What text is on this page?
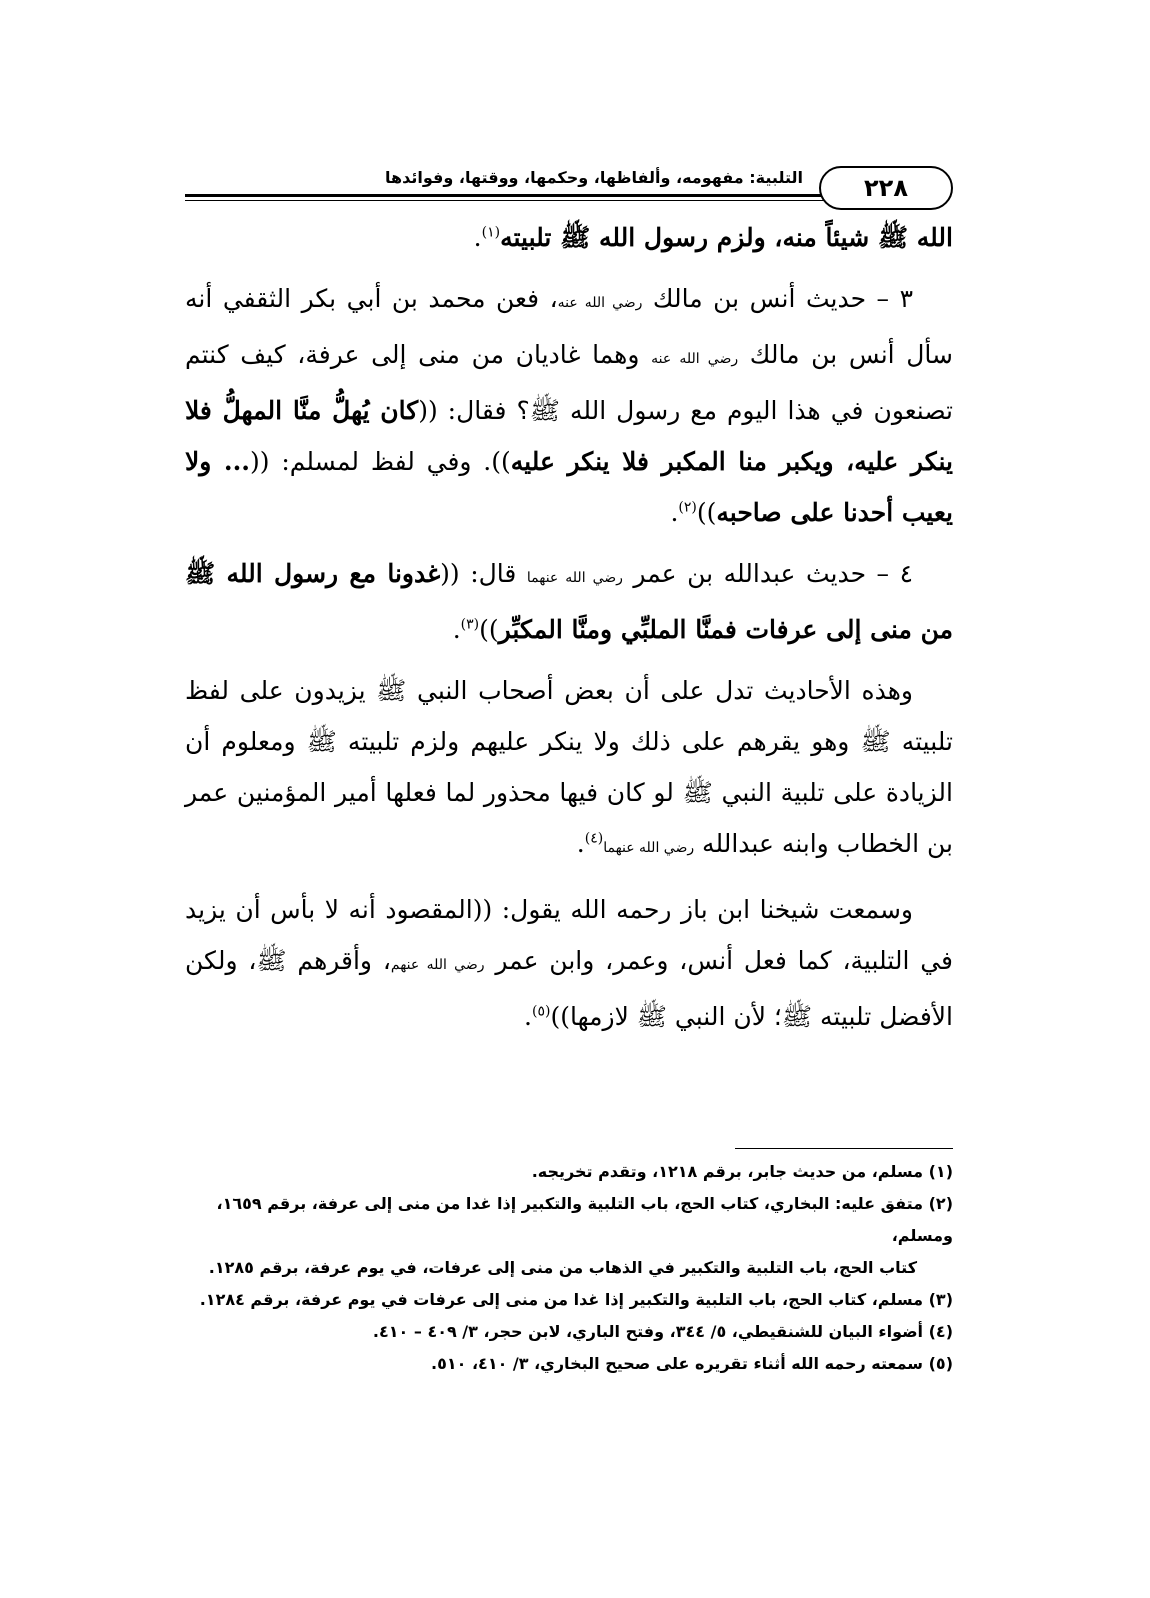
التلبية: مفهومه، وألفاظها، وحكمها، ووقتها، وفوائدها	٢٢٨

الله ﷺ شيئاً منه، ولزم رسول الله ﷺ تلبيته$^{(١)}$.

٣ – حديث أنس بن مالك رضي الله عنه، فعن محمد بن أبي بكر الثقفي أنه سأل أنس بن مالك رضي الله عنه وهما غاديان من منى إلى عرفة، كيف كنتم تصنعون في هذا اليوم مع رسول الله ﷺ؟ فقال: ((كان يُهلُّ منَّا المهلُّ فلا ينكر عليه، ويكبر منا المكبر فلا ينكر عليه)). وفي لفظ لمسلم: ((... ولا يعيب أحدنا على صاحبه))$^{(٢)}$.

٤ – حديث عبدالله بن عمر رضي الله عنهما قال: ((غدونا مع رسول الله ﷺ من منى إلى عرفات فمنَّا الملبِّي ومنَّا المكبِّر))$^{(٣)}$.

وهذه الأحاديث تدل على أن بعض أصحاب النبي ﷺ يزيدون على لفظ تلبيته ﷺ وهو يقرهم على ذلك ولا ينكر عليهم ولزم تلبيته ﷺ ومعلوم أن الزيادة على تلبية النبي ﷺ لو كان فيها محذور لما فعلها أمير المؤمنين عمر بن الخطاب وابنه عبدالله رضي الله عنهما$^{(٤)}$.

وسمعت شيخنا ابن باز رحمه الله يقول: ((المقصود أنه لا بأس أن يزيد في التلبية، كما فعل أنس، وعمر، وابن عمر رضي الله عنهم، وأقرهم ﷺ، ولكن الأفضل تلبيته ﷺ؛ لأن النبي ﷺ لازمها))$^{(٥)}$.

(١) مسلم، من حديث جابر، برقم ١٢١٨، وتقدم تخريجه.

(٢) متفق عليه: البخاري، كتاب الحج، باب التلبية والتكبير إذا غدا من منى إلى عرفة، برقم ١٦٥٩، ومسلم،

كتاب الحج، باب التلبية والتكبير في الذهاب من منى إلى عرفات، في يوم عرفة، برقم ١٢٨٥.

(٣) مسلم، كتاب الحج، باب التلبية والتكبير إذا غدا من منى إلى عرفات في يوم عرفة، برقم ١٢٨٤.

(٤) أضواء البيان للشنقيطي، ٥/ ٣٤٤، وفتح الباري، لابن حجر، ٣/ ٤٠٩ – ٤١٠.

(٥) سمعته رحمه الله أثناء تقريره على صحيح البخاري، ٣/ ٤١٠، ٥١٠.
